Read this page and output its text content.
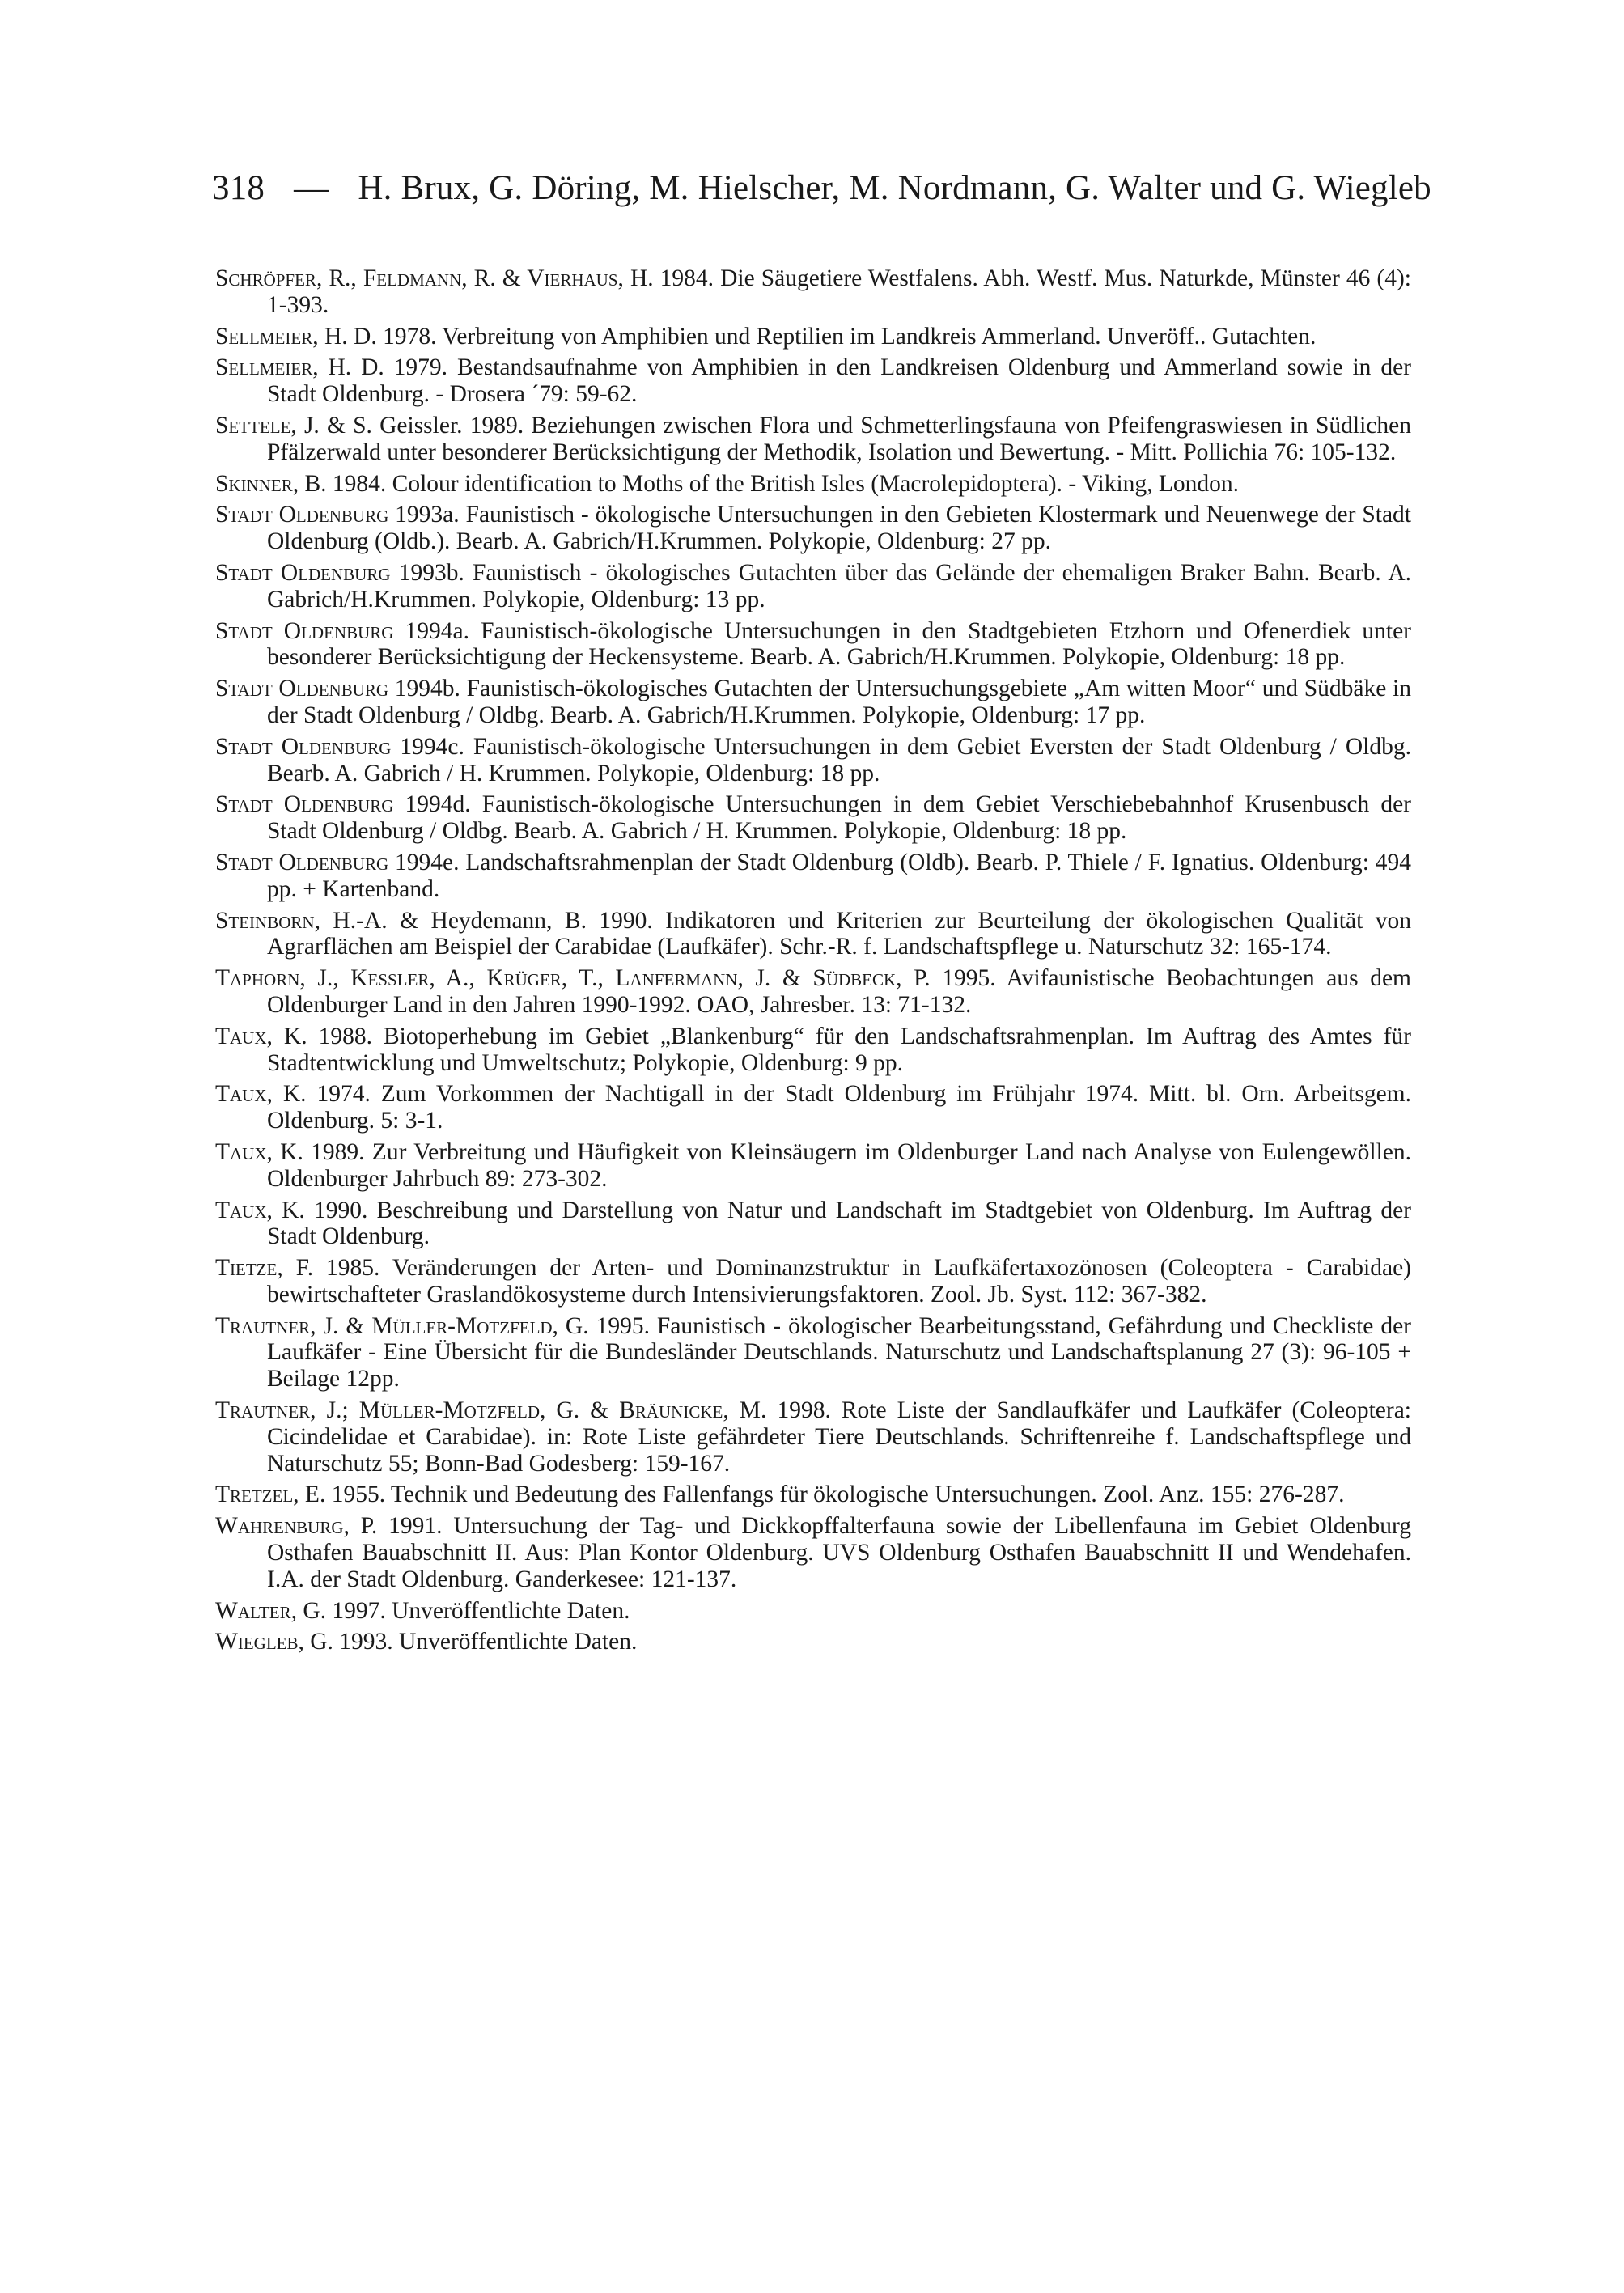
318 — H. Brux, G. Döring, M. Hielscher, M. Nordmann, G. Walter und G. Wiegleb

Schröpfer, R., Feldmann, R. & Vierhaus, H. 1984. Die Säugetiere Westfalens. Abh. Westf. Mus. Naturkde, Münster 46 (4): 1-393.

Sellmeier, H. D. 1978. Verbreitung von Amphibien und Reptilien im Landkreis Ammerland. Unveröff.. Gutachten.

Sellmeier, H. D. 1979. Bestandsaufnahme von Amphibien in den Landkreisen Oldenburg und Ammerland sowie in der Stadt Oldenburg. - Drosera ´79: 59-62.

Settele, J. & S. Geissler. 1989. Beziehungen zwischen Flora und Schmetterlingsfauna von Pfeifengraswiesen in Südlichen Pfälzerwald unter besonderer Berücksichtigung der Methodik, Isolation und Bewertung. - Mitt. Pollichia 76: 105-132.

Skinner, B. 1984. Colour identification to Moths of the British Isles (Macrolepidoptera). - Viking, London.

Stadt Oldenburg 1993a. Faunistisch - ökologische Untersuchungen in den Gebieten Klostermark und Neuenwege der Stadt Oldenburg (Oldb.). Bearb. A. Gabrich/H.Krummen. Polykopie, Oldenburg: 27 pp.

Stadt Oldenburg 1993b. Faunistisch - ökologisches Gutachten über das Gelände der ehemaligen Braker Bahn. Bearb. A. Gabrich/H.Krummen. Polykopie, Oldenburg: 13 pp.

Stadt Oldenburg 1994a. Faunistisch-ökologische Untersuchungen in den Stadtgebieten Etzhorn und Ofenerdiek unter besonderer Berücksichtigung der Heckensysteme. Bearb. A. Gabrich/H.Krummen. Polykopie, Oldenburg: 18 pp.

Stadt Oldenburg 1994b. Faunistisch-ökologisches Gutachten der Untersuchungsgebiete „Am witten Moor“ und Südbäke in der Stadt Oldenburg / Oldbg. Bearb. A. Gabrich/H.Krummen. Polykopie, Oldenburg: 17 pp.

Stadt Oldenburg 1994c. Faunistisch-ökologische Untersuchungen in dem Gebiet Eversten der Stadt Oldenburg / Oldbg. Bearb. A. Gabrich / H. Krummen. Polykopie, Oldenburg: 18 pp.

Stadt Oldenburg 1994d. Faunistisch-ökologische Untersuchungen in dem Gebiet Verschiebebahnhof Krusenbusch der Stadt Oldenburg / Oldbg. Bearb. A. Gabrich / H. Krummen. Polykopie, Oldenburg: 18 pp.

Stadt Oldenburg 1994e. Landschaftsrahmenplan der Stadt Oldenburg (Oldb). Bearb. P. Thiele / F. Ignatius. Oldenburg: 494 pp. + Kartenband.

Steinborn, H.-A. & Heydemann, B. 1990. Indikatoren und Kriterien zur Beurteilung der ökologischen Qualität von Agrarflächen am Beispiel der Carabidae (Laufkäfer). Schr.-R. f. Landschaftspflege u. Naturschutz 32: 165-174.

Taphorn, J., Keßler, A., Krüger, T., Lanfermann, J. & Südbeck, P. 1995. Avifaunistische Beobachtungen aus dem Oldenburger Land in den Jahren 1990-1992. OAO, Jahresber. 13: 71-132.

Taux, K. 1988. Biotoperhebung im Gebiet „Blankenburg“ für den Landschaftsrahmenplan. Im Auftrag des Amtes für Stadtentwicklung und Umweltschutz; Polykopie, Oldenburg: 9 pp.

Taux, K. 1974. Zum Vorkommen der Nachtigall in der Stadt Oldenburg im Frühjahr 1974. Mitt. bl. Orn. Arbeitsgem. Oldenburg. 5: 3-1.

Taux, K. 1989. Zur Verbreitung und Häufigkeit von Kleinsäugern im Oldenburger Land nach Analyse von Eulengewöllen. Oldenburger Jahrbuch 89: 273-302.

Taux, K. 1990. Beschreibung und Darstellung von Natur und Landschaft im Stadtgebiet von Oldenburg. Im Auftrag der Stadt Oldenburg.

Tietze, F. 1985. Veränderungen der Arten- und Dominanzstruktur in Laufkäfertaxozönosen (Coleoptera - Carabidae) bewirtschafteter Graslandökosysteme durch Intensivierungsfaktoren. Zool. Jb. Syst. 112: 367-382.

Trautner, J. & Müller-Motzfeld, G. 1995. Faunistisch - ökologischer Bearbeitungsstand, Gefährdung und Checkliste der Laufkäfer - Eine Übersicht für die Bundesländer Deutschlands. Naturschutz und Landschaftsplanung 27 (3): 96-105 + Beilage 12pp.

Trautner, J.; Müller-Motzfeld, G. & Bräunicke, M. 1998. Rote Liste der Sandlaufkäfer und Laufkäfer (Coleoptera: Cicindelidae et Carabidae). in: Rote Liste gefährdeter Tiere Deutschlands. Schriftenreihe f. Landschaftspflege und Naturschutz 55; Bonn-Bad Godesberg: 159-167.

Tretzel, E. 1955. Technik und Bedeutung des Fallenfangs für ökologische Untersuchungen. Zool. Anz. 155: 276-287.

Wahrenburg, P. 1991. Untersuchung der Tag- und Dickkopffalterfauna sowie der Libellenfauna im Gebiet Oldenburg Osthafen Bauabschnitt II. Aus: Plan Kontor Oldenburg. UVS Oldenburg Osthafen Bauabschnitt II und Wendehafen. I.A. der Stadt Oldenburg. Ganderkesee: 121-137.

Walter, G. 1997. Unveröffentlichte Daten.

Wiegleb, G. 1993. Unveröffentlichte Daten.
